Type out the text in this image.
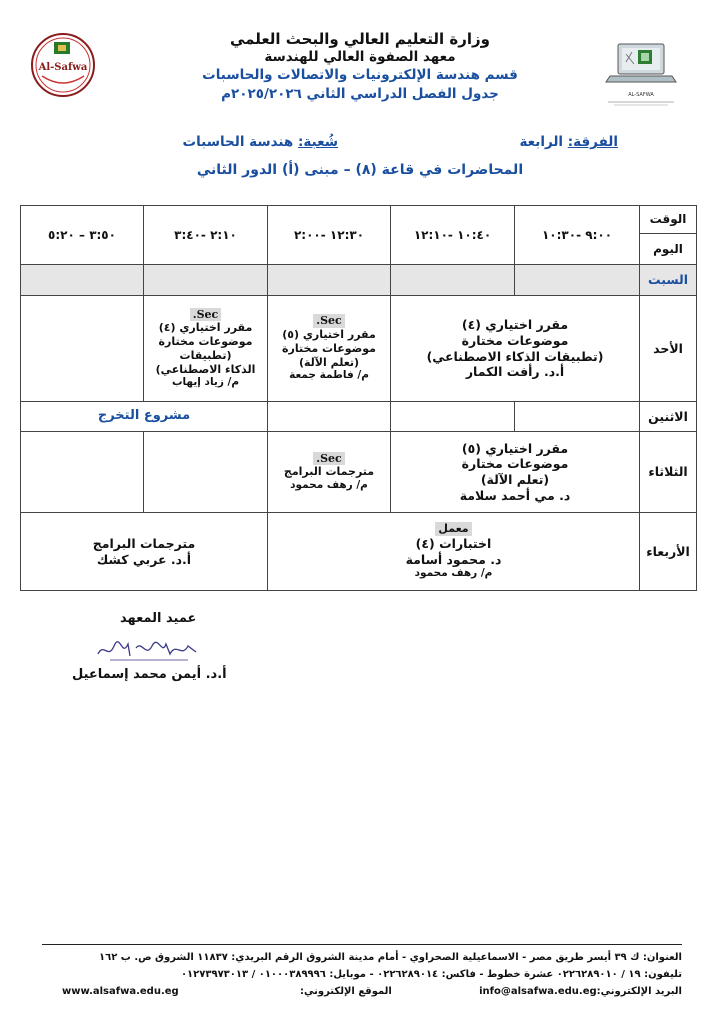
وزارة التعليم العالي والبحث العلمي
معهد الصفوة العالي للهندسة
قسم هندسة الإلكترونيات والاتصالات والحاسبات
جدول الفصل الدراسي الثاني ٢٠٢٥/٢٠٢٦م
Al-Safwa
AL-SAFWA
الفرقة: الرابعة
شُعبة: هندسة الحاسبات
المحاضرات في قاعة (٨) – مبنى (أ) الدور الثاني
الوقت
اليوم
٩:٠٠ -١٠:٣٠
١٠:٤٠ -١٢:١٠
١٢:٣٠ -٢:٠٠
٢:١٠ -٣:٤٠
٣:٥٠ – ٥:٢٠
السبت
الأحد
مقرر اختياري (٤)
موضوعات مختارة
(تطبيقات الذكاء الاصطناعي)
أ.د. رأفت الكمار
Sec.
مقرر اختياري (٥)
موضوعات مختارة
(تعلم الآلة)
م/ فاطمة جمعة
Sec.
مقرر اختياري (٤)
موضوعات مختارة
(تطبيقات
الذكاء الاصطناعي)
م/ زياد إيهاب
الاثنين
مشروع التخرج
الثلاثاء
مقرر اختياري (٥)
موضوعات مختارة
(تعلم الآلة)
د. مي أحمد سلامة
Sec.
مترجمات البرامج
م/ رهف محمود
الأربعاء
معمل
اختبارات (٤)
د. محمود أسامة
م/ رهف محمود
مترجمات البرامج
أ.د. عربي كشك
عميد المعهد
أ.د. أيمن محمد إسماعيل
العنوان: ك ٣٩ أيسر طريق مصر - الاسماعيلية الصحراوي - أمام مدينة الشروق الرقم البريدي: ١١٨٣٧ الشروق ص. ب ١٦٢
تليفون: ١٩ / ٠٢٢٦٢٨٩٠١٠ عشرة خطوط - فاكس: ٠٢٢٦٢٨٩٠١٤ - موبايل: ٠١٠٠٠٣٨٩٩٩٦ / ٠١٢٧٣٩٧٣٠١٣
البريد الإلكتروني:info@alsafwa.edu.eg
الموقع الإلكتروني:
www.alsafwa.edu.eg
